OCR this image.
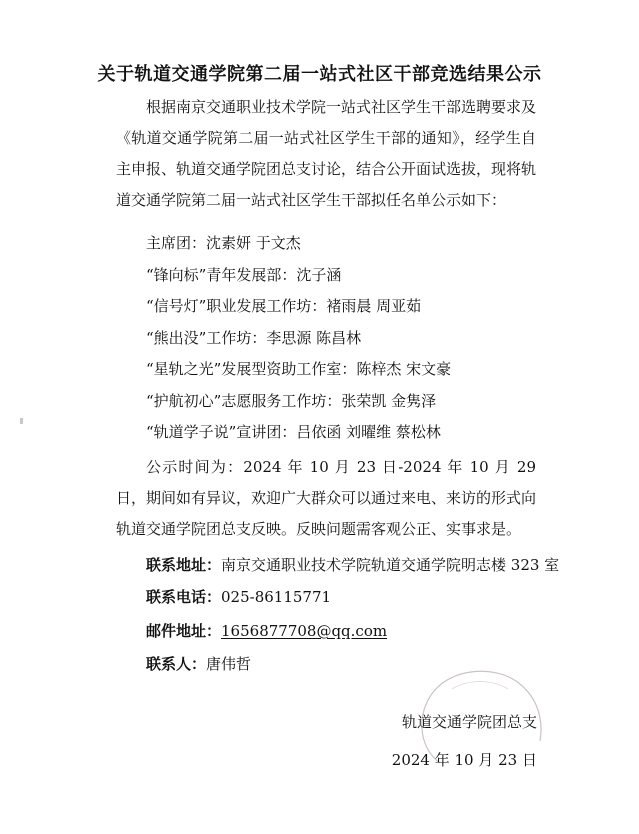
关于轨道交通学院第二届一站式社区干部竞选结果公示
根据南京交通职业技术学院一站式社区学生干部选聘要求及《轨道交通学院第二届一站式社区学生干部的通知》，经学生自主申报、轨道交通学院团总支讨论，结合公开面试选拔，现将轨道交通学院第二届一站式社区学生干部拟任名单公示如下：
主席团：沈素妍 于文杰
“锋向标”青年发展部：沈子涵
“信号灯”职业发展工作坊：褚雨晨 周亚茹
“熊出没”工作坊：李思源 陈昌林
“星轨之光”发展型资助工作室：陈梓杰 宋文豪
“护航初心”志愿服务工作坊：张荣凯 金隽泽
“轨道学子说”宣讲团：吕依函 刘曜维 蔡松林
公示时间为：2024 年 10 月 23 日-2024 年 10 月 29 日，期间如有异议，欢迎广大群众可以通过来电、来访的形式向轨道交通学院团总支反映。反映问题需客观公正、实事求是。
联系地址：南京交通职业技术学院轨道交通学院明志楼 323 室
联系电话：025-86115771
邮件地址：1656877708@qq.com
联系人：唐伟哲
轨道交通学院团总支
2024 年 10 月 23 日
